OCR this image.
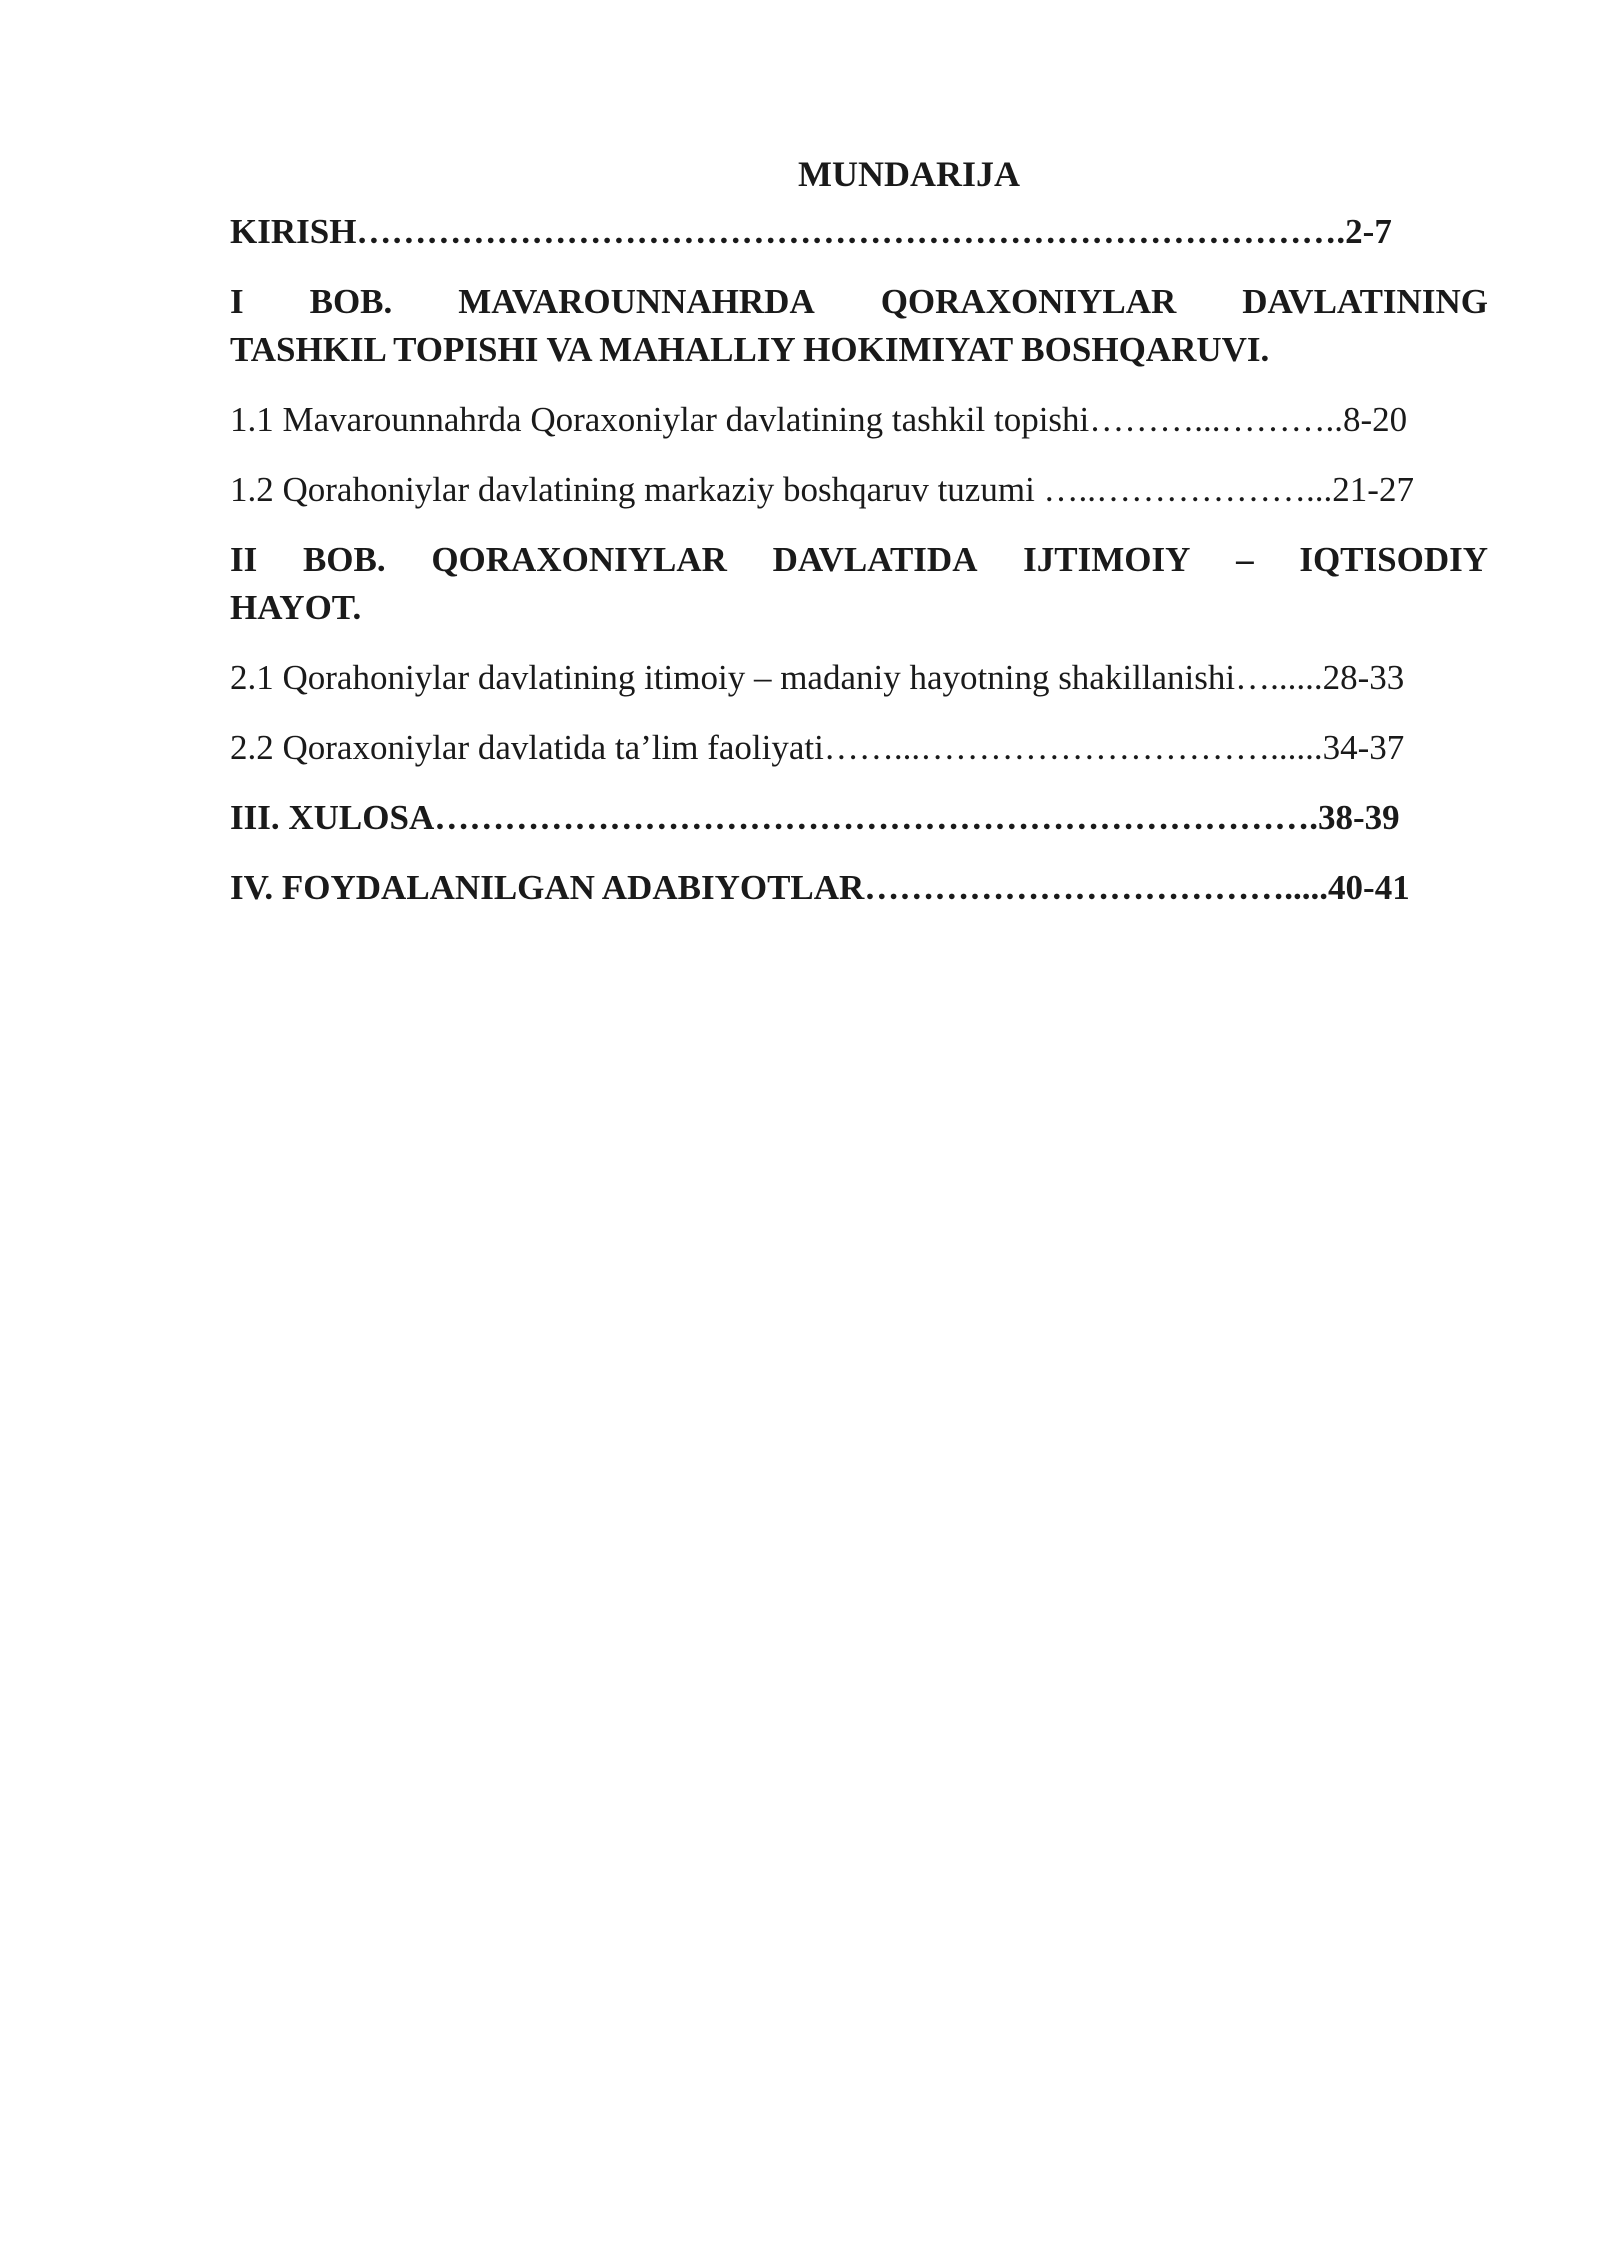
MUNDARIJA

KIRISH………………………………………………………………………….2-7

I BOB. MAVAROUNNAHRDA QORAXONIYLAR DAVLATINING
TASHKIL TOPISHI VA MAHALLIY HOKIMIYAT BOSHQARUVI.

1.1 Mavarounnahrda Qoraxoniylar davlatining tashkil topishi………...………..8-20

1.2 Qorahoniylar davlatining markaziy boshqaruv tuzumi …..………………...21-27

II BOB. QORAXONIYLAR DAVLATIDA IJTIMOIY – IQTISODIY
HAYOT.

2.1 Qorahoniylar davlatining itimoiy – madaniy hayotning shakillanishi…......28-33

2.2 Qoraxoniylar davlatida ta’lim faoliyati……...…………………………......34-37

III. XULOSA………………………………………………………………….38-39

IV. FOYDALANILGAN ADABIYOTLAR……………………………….....40-41
